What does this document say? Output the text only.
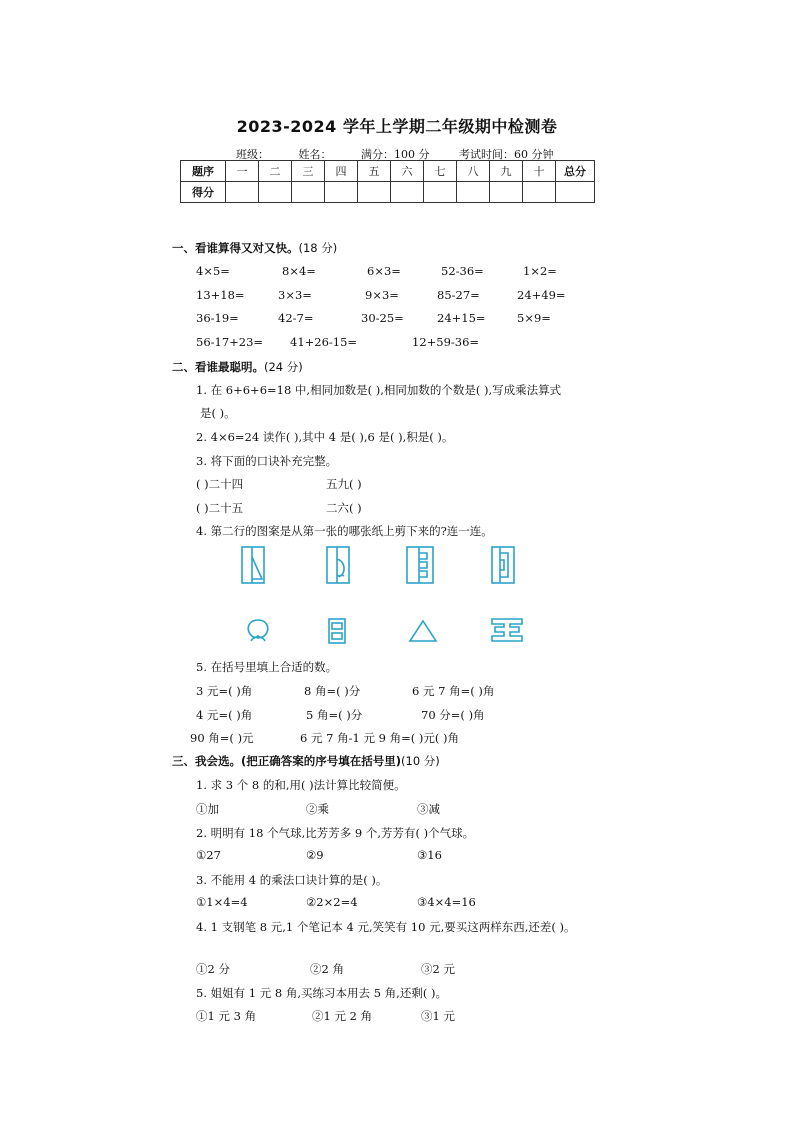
2023-2024 学年上学期二年级期中检测卷
班级：	姓名：	满分：100 分	考试时间：60 分钟
题序	一	二	三	四	五	六	七	八	九	十	总分
得分											
一、看谁算得又对又快。(18 分)
4×5=	8×4=	6×3=	52-36=	1×2=
13+18=	3×3=	9×3=	85-27=	24+49=
36-19=	42-7=	30-25=	24+15=	5×9=
56-17+23= 41+26-15=	12+59-36=
二、看谁最聪明。(24 分)
1. 在 6+6+6=18 中,相同加数是( ),相同加数的个数是( ),写成乘法算式
是( )。
2. 4×6=24 读作( ),其中 4 是( ),6 是( ),积是( )。
3. 将下面的口诀补充完整。
( )二十四	五九( )
( )二十五	二六( )
4. 第二行的图案是从第一张的哪张纸上剪下来的?连一连。
5. 在括号里填上合适的数。
3 元=( )角	8 角=( )分	6 元 7 角=( )角
4 元=( )角	5 角=( )分	70 分=( )角
90 角=( )元	6 元 7 角-1 元 9 角=( )元( )角
三、我会选。(把正确答案的序号填在括号里)(10 分)
1. 求 3 个 8 的和,用( )法计算比较简便。
①加	②乘	③减
2. 明明有 18 个气球,比芳芳多 9 个,芳芳有( )个气球。
①27	②9	③16
3. 不能用 4 的乘法口诀计算的是( )。
①1×4=4	②2×2=4	③4×4=16
4. 1 支钢笔 8 元,1 个笔记本 4 元,笑笑有 10 元,要买这两样东西,还差( )。
①2 分	②2 角	③2 元
5. 姐姐有 1 元 8 角,买练习本用去 5 角,还剩( )。
①1 元 3 角	②1 元 2 角	③1 元
